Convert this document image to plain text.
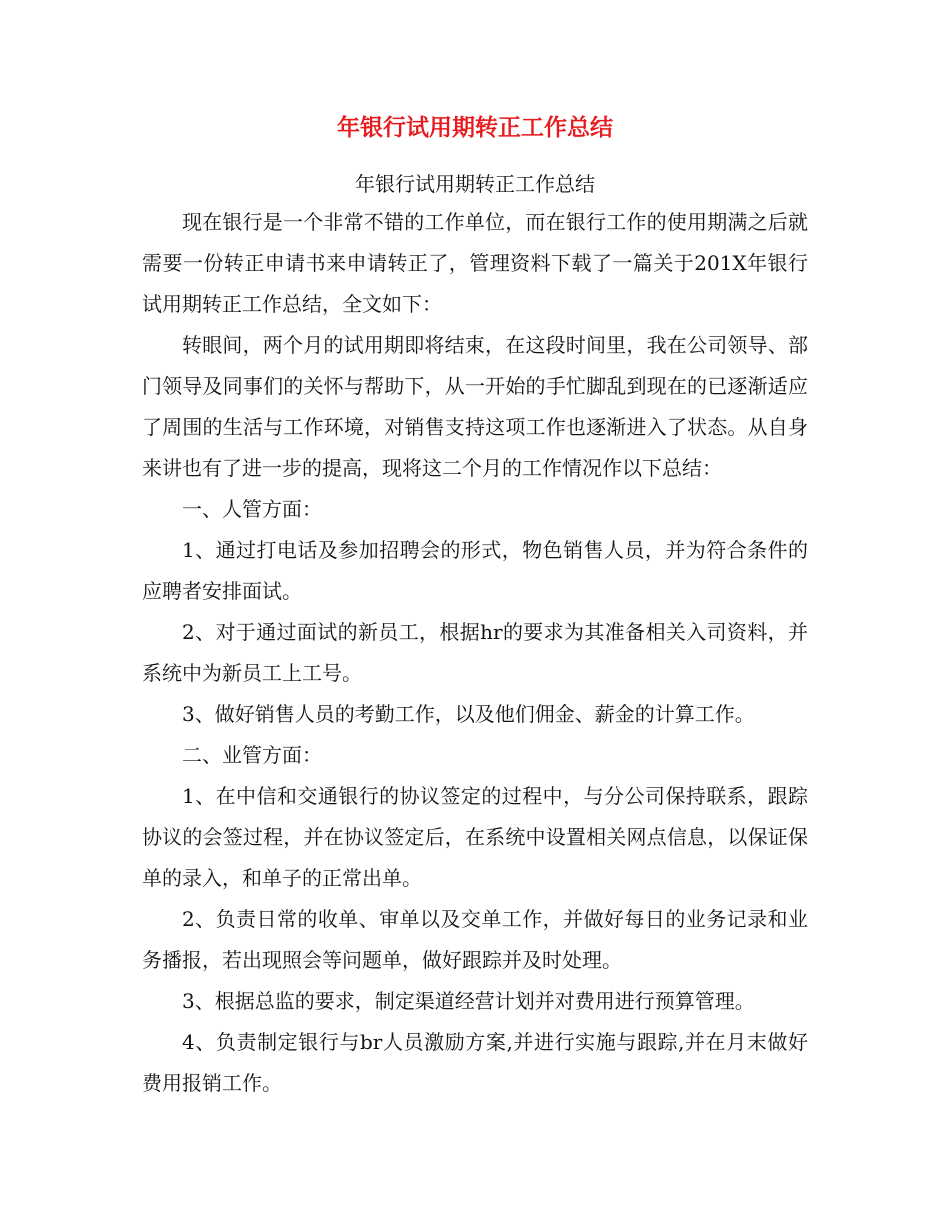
年银行试用期转正工作总结
年银行试用期转正工作总结

现在银行是一个非常不错的工作单位，而在银行工作的使用期满之后就需要一份转正申请书来申请转正了，管理资料下载了一篇关于201X年银行试用期转正工作总结，全文如下：

转眼间，两个月的试用期即将结束，在这段时间里，我在公司领导、部门领导及同事们的关怀与帮助下，从一开始的手忙脚乱到现在的已逐渐适应了周围的生活与工作环境，对销售支持这项工作也逐渐进入了状态。从自身来讲也有了进一步的提高，现将这二个月的工作情况作以下总结：

一、人管方面：

1、通过打电话及参加招聘会的形式，物色销售人员，并为符合条件的应聘者安排面试。

2、对于通过面试的新员工，根据hr的要求为其准备相关入司资料，并系统中为新员工上工号。

3、做好销售人员的考勤工作，以及他们佣金、薪金的计算工作。

二、业管方面：

1、在中信和交通银行的协议签定的过程中，与分公司保持联系，跟踪协议的会签过程，并在协议签定后，在系统中设置相关网点信息，以保证保单的录入，和单子的正常出单。

2、负责日常的收单、审单以及交单工作，并做好每日的业务记录和业务播报，若出现照会等问题单，做好跟踪并及时处理。

3、根据总监的要求，制定渠道经营计划并对费用进行预算管理。

4、负责制定银行与br人员激励方案,并进行实施与跟踪,并在月末做好费用报销工作。
